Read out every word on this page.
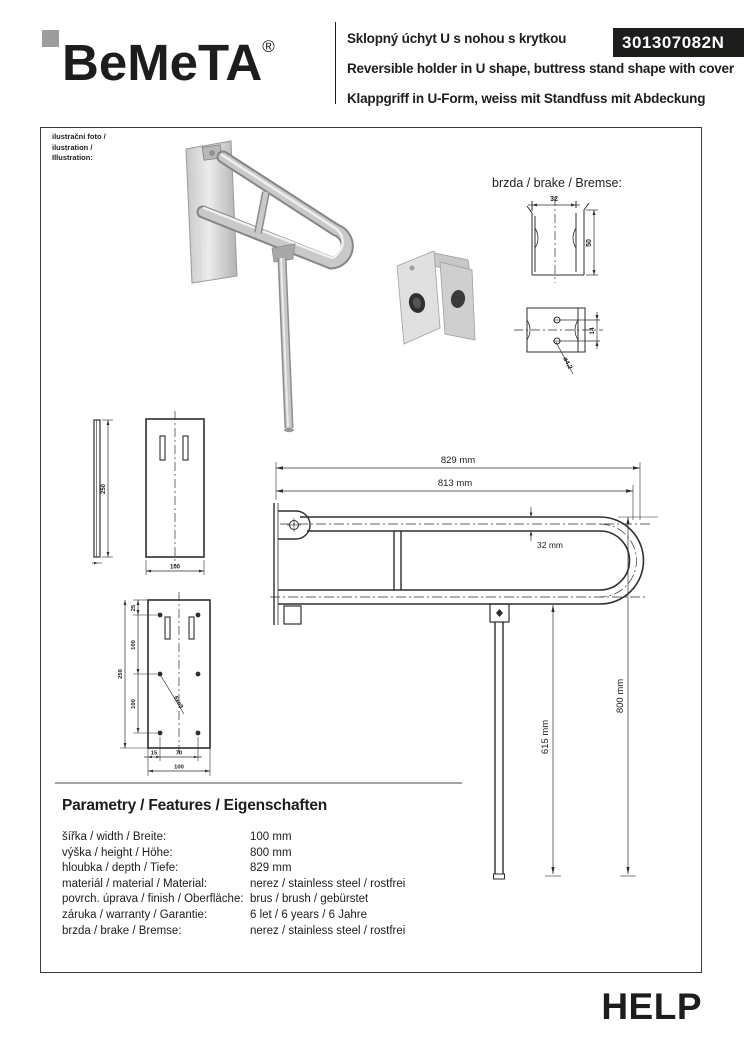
BeMeTA®	Sklopný úchyt U s nohou s krytkou
Reversible holder in U shape, buttress stand shape with cover
Klappgriff in U-Form, weiss mit Standfuss mit Abdeckung
301307082N
ilustrační foto /
ilustration /
Illustration:
brzda / brake / Bremse:
32
50
14
ø4,2
250
100
25
100
100
250
6xø9
15	70
100
829 mm
813 mm
32 mm
800 mm
615 mm
Parametry / Features / Eigenschaften
šířka / width / Breite:	100 mm
výška / height / Höhe:	800 mm
hloubka / depth / Tiefe:	829 mm
materiál / material / Material:	nerez / stainless steel / rostfrei
povrch. úprava / finish / Oberfläche: brus / brush / gebürstet
záruka / warranty / Garantie:	6 let / 6 years / 6 Jahre
brzda / brake / Bremse:	nerez / stainless steel / rostfrei
HELP
